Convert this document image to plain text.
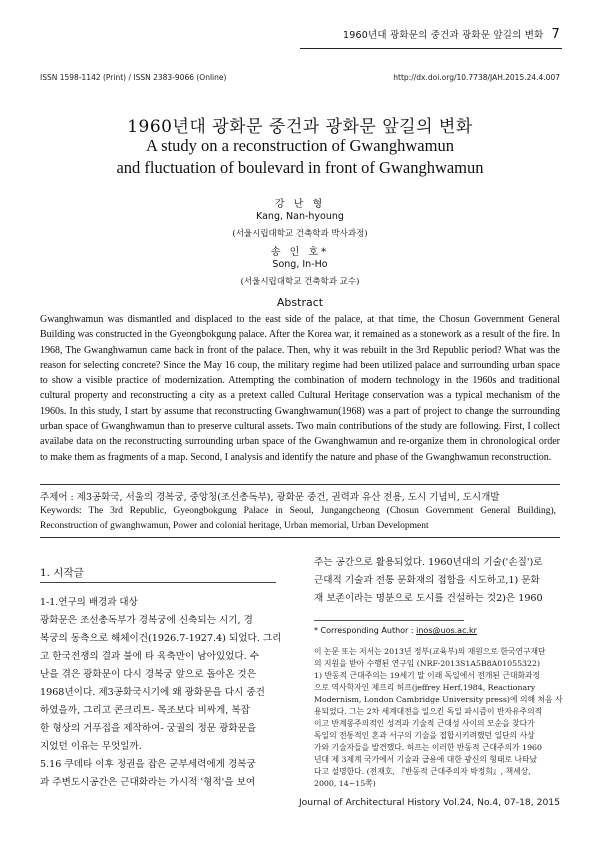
1960년대 광화문의 중건과 광화문 앞길의 변화 7
ISSN 1598-1142 (Print) / ISSN 2383-9066 (Online)	http://dx.doi.org/10.7738/JAH.2015.24.4.007
1960년대 광화문 중건과 광화문 앞길의 변화
A study on a reconstruction of Gwanghwamun
and fluctuation of boulevard in front of Gwanghwamun
강 난 형
Kang, Nan-hyoung
(서울시립대학교 건축학과 박사과정)
송 인 호*
Song, In-Ho
(서울시립대학교 건축학과 교수)
Abstract

Gwanghwamun was dismantled and displaced to the east side of the palace, at that time, the Chosun Government General Building was constructed in the Gyeongbokgung palace. After the Korea war, it remained as a stonework as a result of the fire. In 1968, The Gwanghwamun came back in front of the palace. Then, why it was rebuilt in the 3rd Republic period? What was the reason for selecting concrete? Since the May 16 coup, the military regime had been utilized palace and surrounding urban space to show a visible practice of modernization. Attempting the combination of modern technology in the 1960s and traditional cultural property and reconstructing a city as a pretext called Cultural Heritage conservation was a typical mechanism of the 1960s. In this study, I start by assume that reconstructing Gwanghwamun(1968) was a part of project to change the surrounding urban space of Gwanghwamun than to preserve cultural assets. Two main contributions of the study are following. First, I collect availabe data on the reconstructing surrounding urban space of the Gwanghwamun and re-organize them in chronological order to make them as fragments of a map. Second, I analysis and identify the nature and phase of the Gwanghwamun reconstruction.

주제어 : 제3공화국, 서울의 경복궁, 중앙청(조선총독부), 광화문 중건, 권력과 유산 전용, 도시 기념비, 도시개발
Keywords: The 3rd Republic, Gyeongbokgung Palace in Seoul, Jungangcheong (Chosun Government General Building), Reconstruction of gwanghwamun, Power and colonial heritage, Urban memorial, Urban Development
1. 시작글
1-1.연구의 배경과 대상
광화문은 조선총독부가 경복궁에 신축되는 시기, 경
복궁의 동측으로 해체이건(1926.7-1927.4) 되었다. 그리
고 한국전쟁의 결과 불에 타 육축만이 남아있었다. 수
난을 겪은 광화문이 다시 경복궁 앞으로 돌아온 것은
1968년이다. 제3공화국시기에 왜 광화문을 다시 중건
하였을까, 그리고 콘크리트- 목조보다 비싸게, 복잡
한 형상의 거푸집을 제작하여- 궁궐의 정문 광화문을
지었던 이유는 무엇일까.
5.16 쿠데타 이후 정권을 잡은 군부세력에게 경복궁
과 주변도시공간은 근대화라는 가시적 '형적'을 보여
주는 공간으로 활용되었다. 1960년대의 기술('손질')로
근대적 기술과 전통 문화재의 접합을 시도하고,1) 문화
재 보존이라는 명분으로 도시를 건설하는 것2)은 1960
* Corresponding Author : inos@uos.ac.kr
이 논문 또는 저서는 2013년 정부(교육부)의 재원으로 한국연구재단
의 지원을 받아 수행된 연구임 (NRF-2013S1A5B8A01055322)
1) 반동적 근대주의는 19세기 말 이래 독일에서 전개된 근대화과정
으로 역사학자인 제프리 허프(jeffrey Herf,1984, Reactionary
Modernism, London Cambridge University press)에 의해 처음 사
용되었다. 그는 2차 세계대전을 일으킨 독일 파시즘이 반자유주의적
이고 반계몽주의적인 성격과 기술적 근대성 사이의 모순을 찾다가
독일의 전통적인 혼과 서구의 기술을 접합시키려했던 일단의 사상
가와 기술자들을 발견했다. 허프는 이러한 반동적 근대주의가 1960
년대 제 3제계 국가에서 기술과 급용에 대한 광신의 형태로 나타났
다고 설명한다. (전재호, 『반동적 근대주의자 박정희』, 책세상,
2000, 14~15쪽)
Journal of Architectural History Vol.24, No.4, 07-18, 2015
